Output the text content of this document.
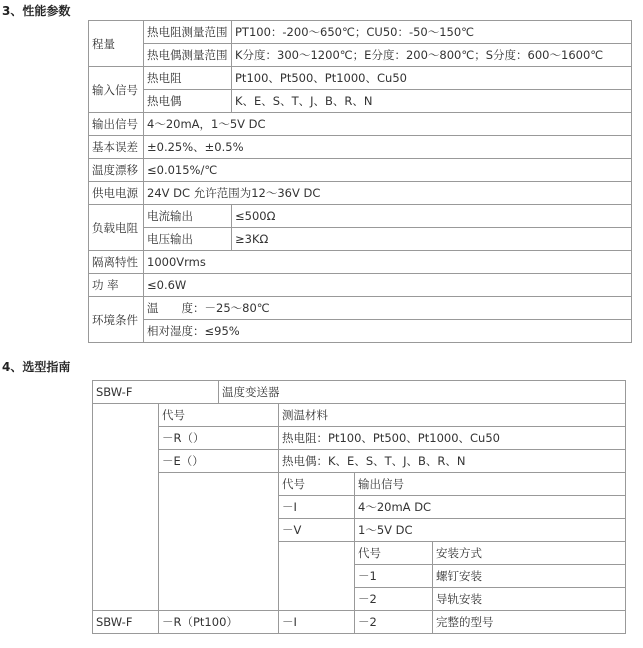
3、性能参数
程量	热电阻测量范围	PT100：-200～650℃；CU50：-50～150℃
	热电偶测量范围	K分度：300～1200℃；E分度：200～800℃；S分度：600～1600℃
输入信号	热电阻	Pt100、Pt500、Pt1000、Cu50
	热电偶	K、E、S、T、J、B、R、N
输出信号	4～20mA，1～5V DC	
基本误差	±0.25%、±0.5%	
温度漂移	≤0.015%/℃	
供电电源	24V DC 允许范围为12～36V DC	
负载电阻	电流输出	≤500Ω
	电压输出	≥3KΩ
隔离特性	1000Vrms	
功 率	≤0.6W	
环境条件	温　　度：－25～80℃	
	相对湿度：≤95%	
4、选型指南
SBW-F		温度变送器			
	代号		测温材料		
	－R（）		热电阻：Pt100、Pt500、Pt1000、Cu50		
	－E（）		热电偶：K、E、S、T、J、B、R、N		
			代号	输出信号	
			－I	4～20mA DC	
			－V	1～5V DC	
				代号	安装方式
				－1	螺钉安装
				－2	导轨安装
SBW-F	－R（Pt100）		－I	－2	完整的型号
